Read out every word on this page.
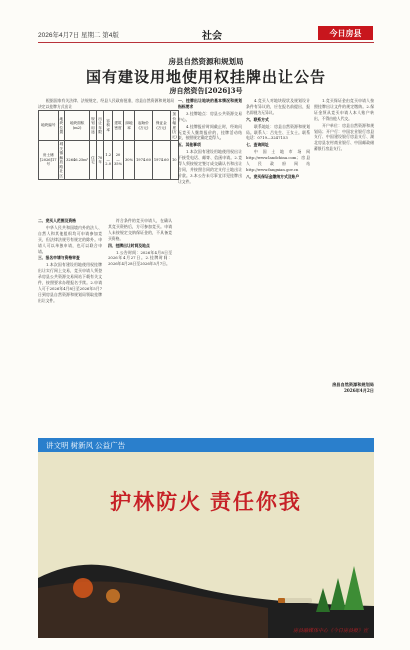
2026年4月7日 星期二 第4版	社会	今日房县
房县自然资源和规划局
国有建设用地使用权挂牌出让公告
房自然资告[2026]3号

根据国家有关法律、法规规定，经县人民政府批准，房县自然资源和规划局决定以挂牌方式出让

地块编号	地块位置	地块面积(m2)	规划用途	出让年限	容积率	建筑密度	绿地率	起始价(万元)	保证金(万元)	加价幅度(万元)
房土储[2026]17号	城关镇解放路社区	32646.25m²	住宅	70年	1.2—2.0	20—35%	30%	1974.60	1974.60	10

二、竞买人范围及资格

中华人民共和国境内外的法人、自然人和其他组织均可申请参加竞买，但法律法规另有规定的除外。申请人可以单独申请，也可以联合申请。

三、报名申请与资格审查

1.本次国有建设用地使用权挂牌出让实行网上交易，竞买申请人须登录房县公共资源交易网站下载有关文件，按照要求办理报名手续。2.申请人可于2026年4月8日至2026年5月7日到房县自然资源和规划局领取挂牌出让文件。

符合条件的竞买申请人，在确认其竞买资格后，方可参加竞买。申请人未按规定交纳保证金的，不具备竞买资格。

四、挂牌出让时间及地点

1.公告时间：2026年4月8日至2026年4月27日。2.挂牌时间：2026年4月28日至2026年5月7日。

一、挂牌出让地块的基本情况和规划指标要求

3.挂牌地点：房县公共资源交易中心。

4.挂牌报价时间截止时，经询问无竞买人继续报价的，挂牌活动结束，按照规定确定竞得人。

五、其他事项

1.本次国有建设用地使用权出让不接受电话、邮寄、信函申请。2.竞得人须按规定签订成交确认书和出让合同，并按照合同约定支付土地出让价款。3.本公告未尽事宜详见挂牌出让文件。

4.竞买人对地块现状及规划设计条件有异议的，应在报名前提出，报名即视为无异议。

六、联系方式

联系地址：房县自然资源和规划局。联系人：吕先生、王女士。联系电话：0719—3247153

七、查询网址

中国土地市场网 http://www.landchina.com；房县人民政府网站 http://www.fangxian.gov.cn

八、竞买保证金缴纳方式及账户

1.竞买保证金由竞买申请人按照挂牌出让文件的规定缴纳。2.保证金须从竞买申请人本人账户转出，不得由他人代交。

开户单位：房县自然资源和规划局；开户行：中国农业银行房县支行、中国建设银行房县支行、湖北房县农村商业银行、中国邮政储蓄银行房县支行。

房县自然资源和规划局
2026年4月2日
讲文明 树新风 公益广告
护林防火 责任你我
房县融媒体中心《今日房县报》宣
